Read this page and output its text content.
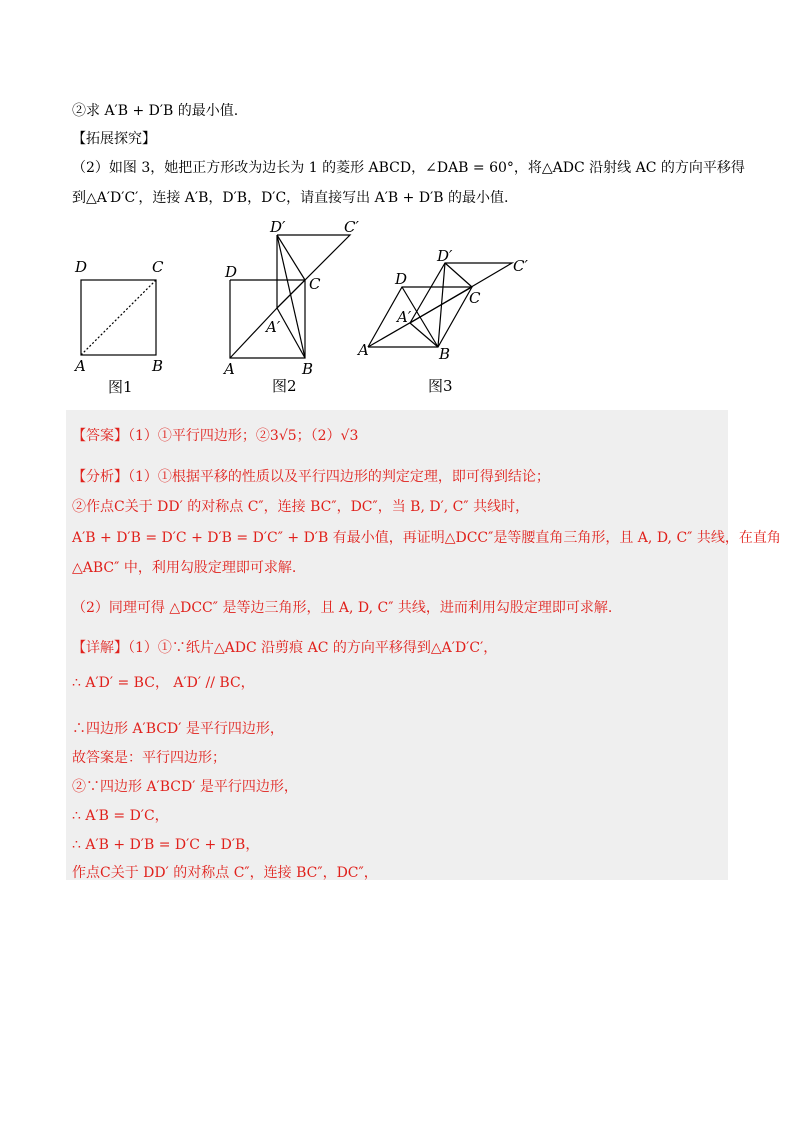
②求 A′B + D′B 的最小值.
【拓展探究】
（2）如图 3，她把正方形改为边长为 1 的菱形 ABCD，∠DAB = 60°，将△ADC 沿射线 AC 的方向平移得
到△A′D′C′，连接 A′B，D′B，D′C，请直接写出 A′B + D′B 的最小值.
D	C
A	B
图1
D′	C′
D
C
A′
A	B
图2
D′
C′
D
C
A′
A	B
图3
【答案】（1）①平行四边形；②3√5；（2）√3
【分析】（1）①根据平移的性质以及平行四边形的判定定理，即可得到结论；
②作点C关于 DD′ 的对称点 C″，连接 BC″，DC″，当 B, D′, C″ 共线时，
A′B + D′B = D′C + D′B = D′C″ + D′B 有最小值，再证明△DCC″是等腰直角三角形，且 A, D, C″ 共线，在直角
△ABC″ 中，利用勾股定理即可求解.
（2）同理可得 △DCC″ 是等边三角形，且 A, D, C″ 共线，进而利用勾股定理即可求解.
【详解】（1）①∵纸片△ADC 沿剪痕 AC 的方向平移得到△A′D′C′，
∴ A′D′ = BC， A′D′ // BC，
∴四边形 A′BCD′ 是平行四边形，
故答案是：平行四边形；
②∵四边形 A′BCD′ 是平行四边形，
∴ A′B = D′C，
∴ A′B + D′B = D′C + D′B，
作点C关于 DD′ 的对称点 C″，连接 BC″，DC″，
